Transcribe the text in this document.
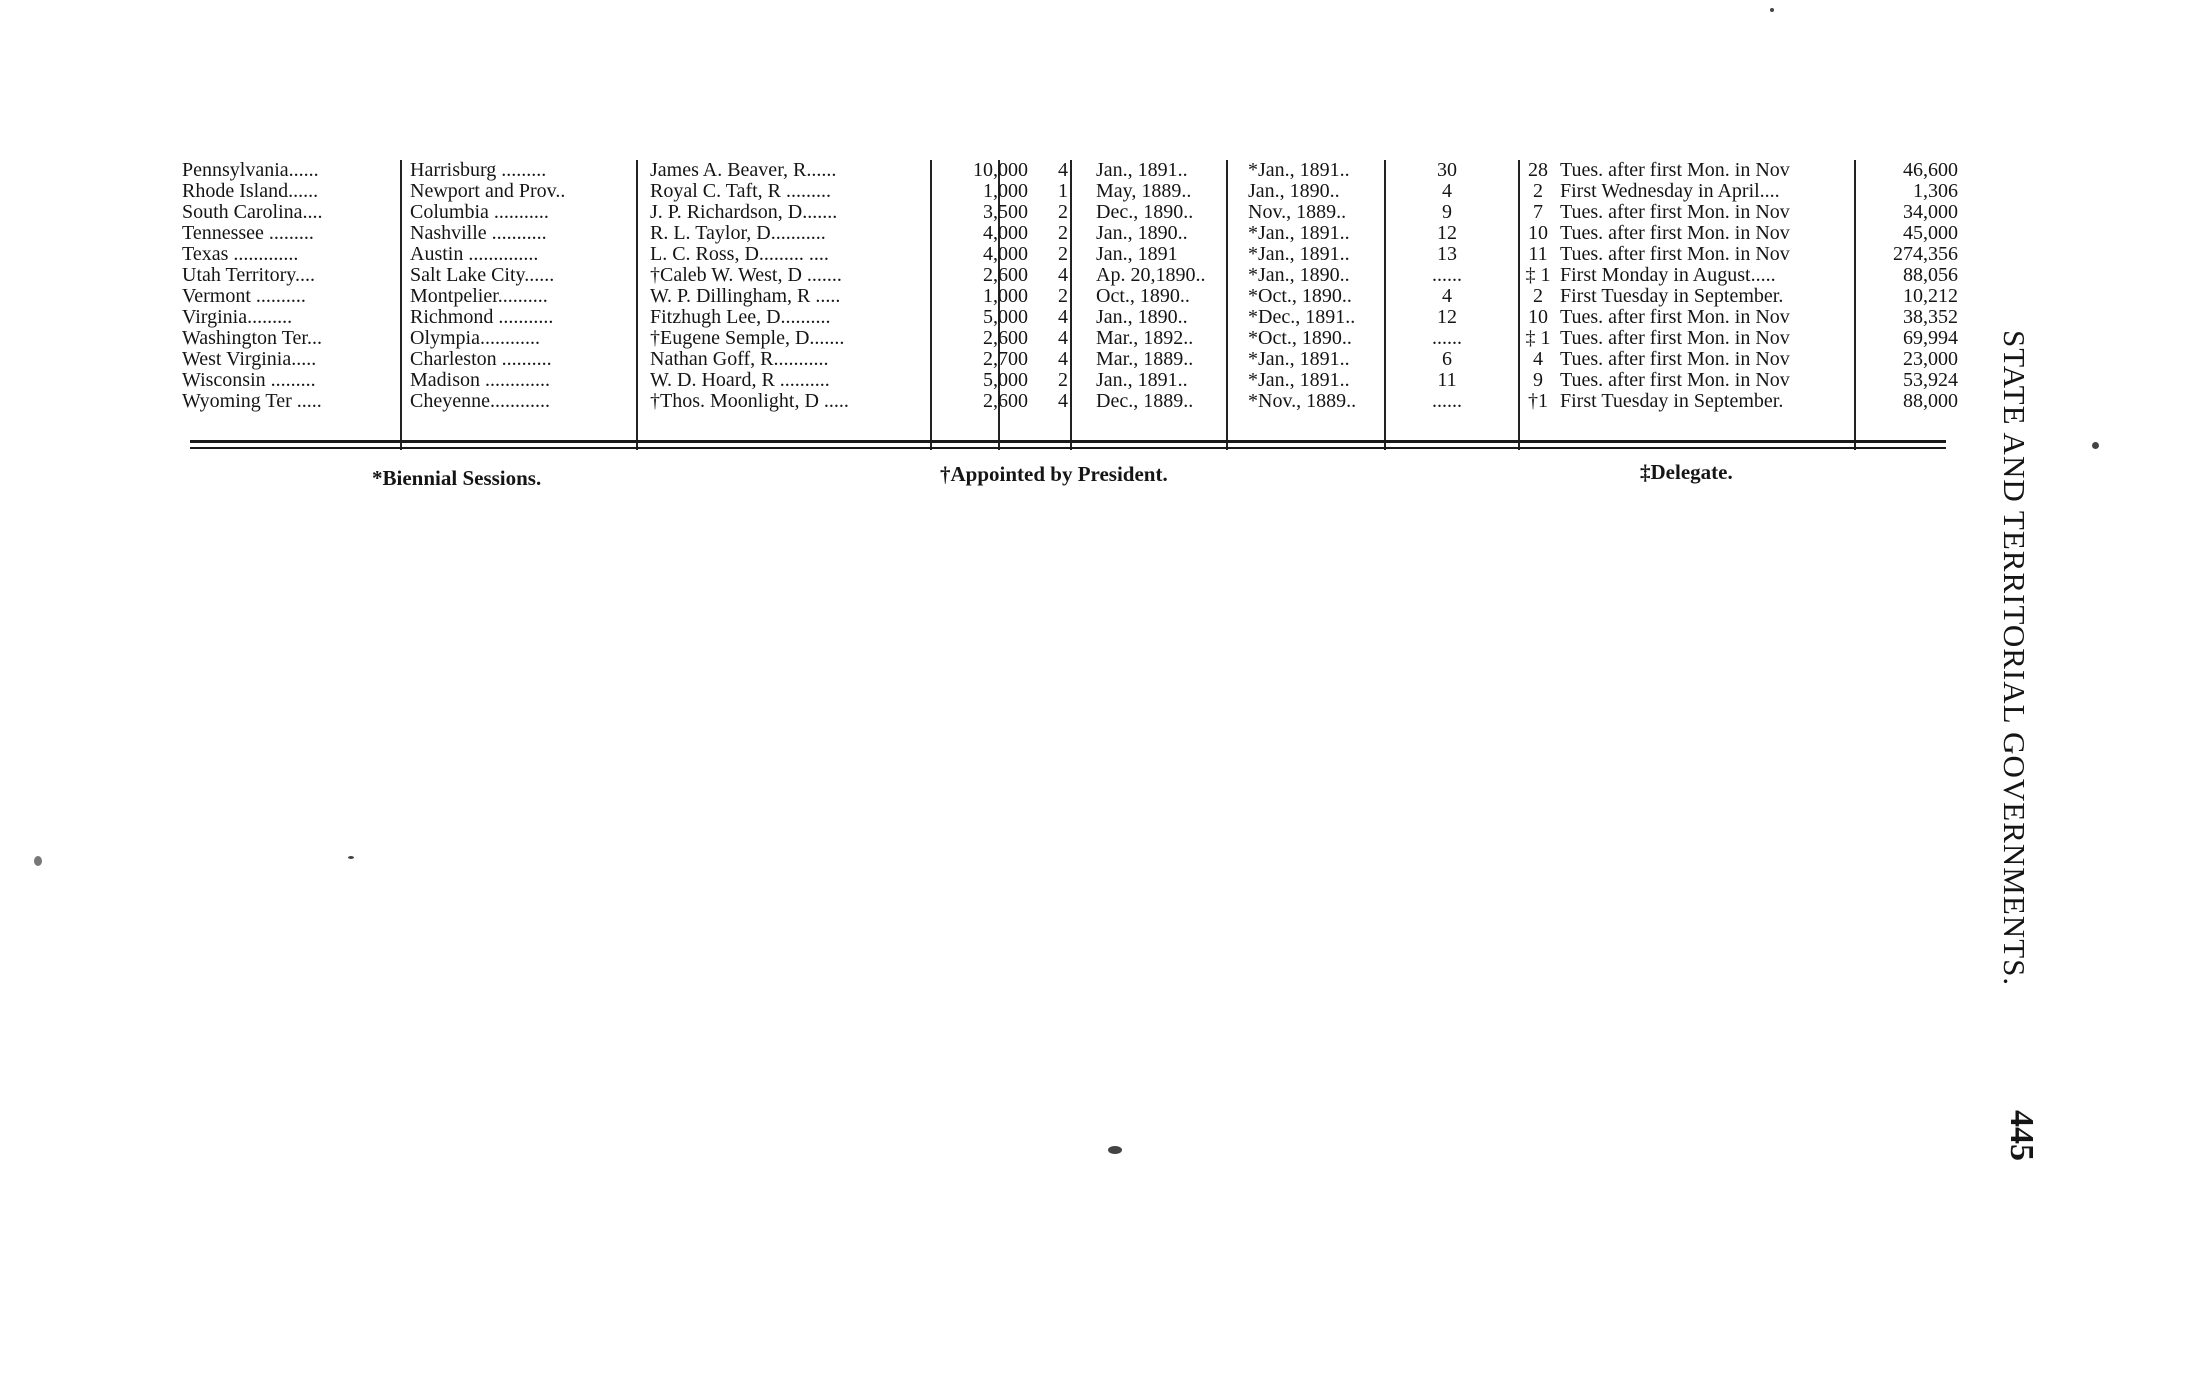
Pennsylvania......	Harrisburg .........	James A. Beaver, R......	10,000	4	Jan., 1891..	*Jan., 1891..	30	28 Tues. after first Mon. in Nov	46,600
Rhode Island......	Newport and Prov..	Royal C. Taft, R .........	1,000	1	May, 1889..	Jan., 1890..	4	2 First Wednesday in April....	1,306
South Carolina....	Columbia ...........	J. P. Richardson, D.......	3,500	2	Dec., 1890..	Nov., 1889..	9	7 Tues. after first Mon. in Nov	34,000
Tennessee .........	Nashville ...........	R. L. Taylor, D...........	4,000	2	Jan., 1890..	*Jan., 1891..	12	10 Tues. after first Mon. in Nov	45,000
Texas .............	Austin ..............	L. C. Ross, D......... ....	4,000	2	Jan., 1891	*Jan., 1891..	13	11 Tues. after first Mon. in Nov	274,356
Utah Territory....	Salt Lake City......	†Caleb W. West, D .......	2,600	4	Ap. 20,1890..	*Jan., 1890..	......	‡ 1 First Monday in August.....	88,056
Vermont ..........	Montpelier..........	W. P. Dillingham, R .....	1,000	2	Oct., 1890..	*Oct., 1890..	4	2 First Tuesday in September.	10,212
Virginia.........	Richmond ...........	Fitzhugh Lee, D..........	5,000	4	Jan., 1890..	*Dec., 1891..	12	10 Tues. after first Mon. in Nov	38,352
Washington Ter...	Olympia............	†Eugene Semple, D.......	2,600	4	Mar., 1892..	*Oct., 1890..	......	‡ 1 Tues. after first Mon. in Nov	69,994
West Virginia.....	Charleston ..........	Nathan Goff, R...........	2,700	4	Mar., 1889..	*Jan., 1891..	6	4 Tues. after first Mon. in Nov	23,000
Wisconsin .........	Madison .............	W. D. Hoard, R ..........	5,000	2	Jan., 1891..	*Jan., 1891..	11	9 Tues. after first Mon. in Nov	53,924
Wyoming Ter .....	Cheyenne............	†Thos. Moonlight, D .....	2,600	4	Dec., 1889..	*Nov., 1889..	......	†1 First Tuesday in September.	88,000
*Biennial Sessions.	†Appointed by President.	‡Delegate.	STATE AND TERRITORIAL GOVERNMENTS.
445
